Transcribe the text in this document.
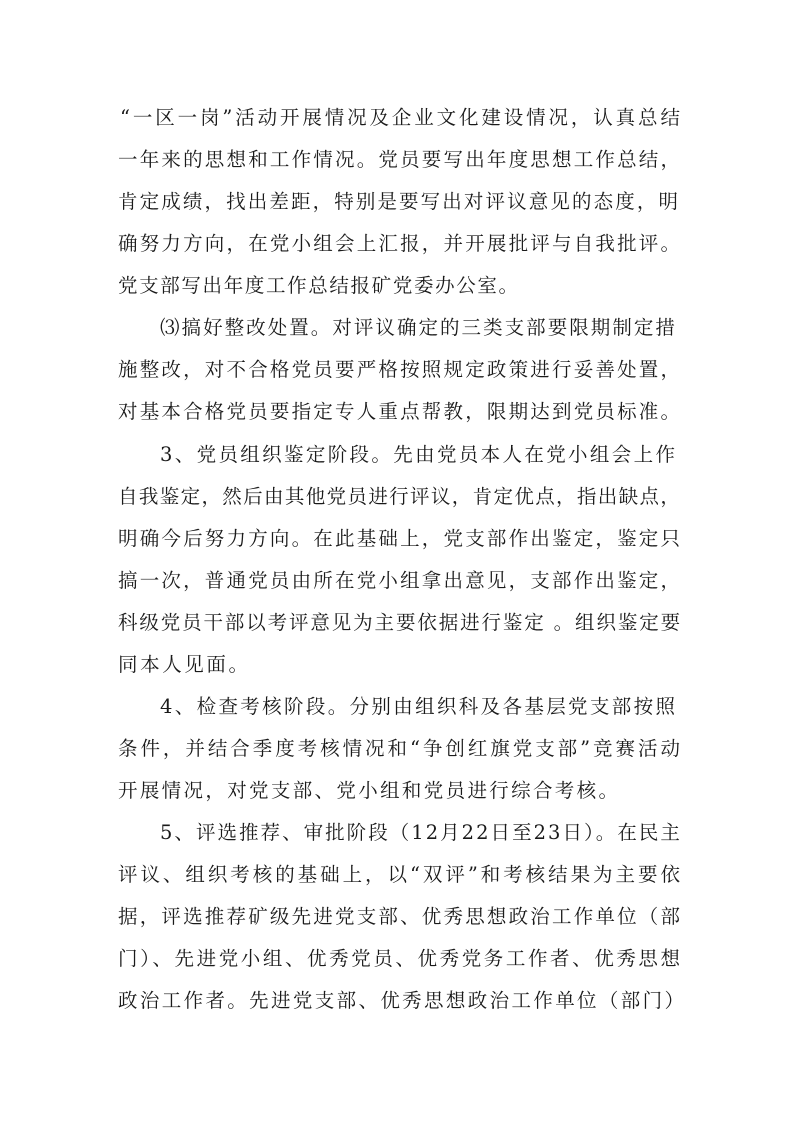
“一区一岗”活动开展情况及企业文化建设情况，认真总结
一年来的思想和工作情况。党员要写出年度思想工作总结，
肯定成绩，找出差距，特别是要写出对评议意见的态度，明
确努力方向，在党小组会上汇报，并开展批评与自我批评。
党支部写出年度工作总结报矿党委办公室。
⑶搞好整改处置。对评议确定的三类支部要限期制定措
施整改，对不合格党员要严格按照规定政策进行妥善处置，
对基本合格党员要指定专人重点帮教，限期达到党员标准。
3、党员组织鉴定阶段。先由党员本人在党小组会上作
自我鉴定，然后由其他党员进行评议，肯定优点，指出缺点，
明确今后努力方向。在此基础上，党支部作出鉴定，鉴定只
搞一次，普通党员由所在党小组拿出意见，支部作出鉴定，
科级党员干部以考评意见为主要依据进行鉴定 。组织鉴定要
同本人见面。
4、检查考核阶段。分别由组织科及各基层党支部按照
条件，并结合季度考核情况和“争创红旗党支部”竞赛活动
开展情况，对党支部、党小组和党员进行综合考核。
5、评选推荐、审批阶段（12月22日至23日）。在民主
评议、组织考核的基础上，以“双评”和考核结果为主要依
据，评选推荐矿级先进党支部、优秀思想政治工作单位（部
门）、先进党小组、优秀党员、优秀党务工作者、优秀思想
政治工作者。先进党支部、优秀思想政治工作单位（部门）
